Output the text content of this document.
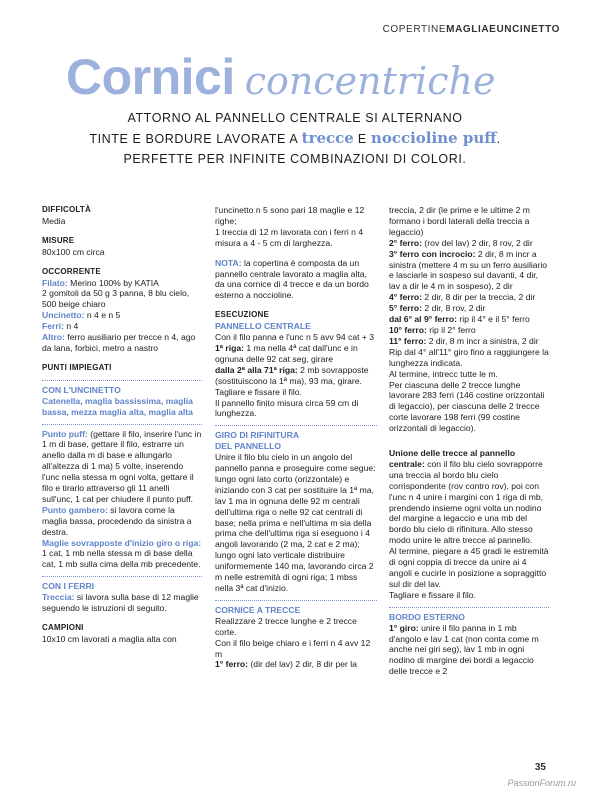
COPERTINEMAGLIAEUNCINETTO
Cornici concentriche
ATTORNO AL PANNELLO CENTRALE SI ALTERNANO
TINTE E BORDURE LAVORATE A trecce E noccioline puff.
PERFETTE PER INFINITE COMBINAZIONI DI COLORI.

DIFFICOLTÀ

Media

MISURE

80x100 cm circa

OCCORRENTE

Filato: Merino 100% by KATIA

2 gomitoli da 50 g 3 panna, 8 blu cielo, 500 beige chiaro

Uncinetto: n 4 e n 5

Ferri: n 4

Altro: ferro ausiliario per trecce n 4, ago da lana, forbici, metro a nastro

PUNTI IMPIEGATI

CON L'UNCINETTO

Catenella, maglia bassissima, maglia bassa, mezza maglia alta, maglia alta

Punto puff: (gettare il filo, inserire l'unc in 1 m di base, gettare il filo, estrarre un anello dalla m di base e allungarlo all'altezza di 1 ma) 5 volte, inserendo l'unc nella stessa m ogni volta, gettare il filo e tirarlo attraverso gli 11 anelli sull'unc, 1 cat per chiudere il punto puff.

Punto gambero: si lavora come la maglia bassa, procedendo da sinistra a destra.

Maglie sovrapposte d'inizio giro o riga: 1 cat, 1 mb nella stessa m di base della cat, 1 mb sulla cima della mb precedente.

CON I FERRI

Treccia: si lavora sulla base di 12 maglie seguendo le istruzioni di seguito.

CAMPIONI

10x10 cm lavorati a maglia alta con

l'uncinetto n 5 sono pari 18 maglie e 12 righe;

1 treccia di 12 m lavorata con i ferri n 4 misura a 4 - 5 cm di larghezza.

NOTA: la copertina è composta da un pannello centrale lavorato a maglia alta, da una cornice di 4 trecce e da un bordo esterno a noccioline.

ESECUZIONE

PANNELLO CENTRALE

Con il filo panna e l'unc n 5 avv 94 cat + 3

1ª riga: 1 ma nella 4ª cat dall'unc e in ognuna delle 92 cat seg, girare

dalla 2ª alla 71ª riga: 2 mb sovrapposte (sostituiscono la 1ª ma), 93 ma, girare.

Tagliare e fissare il filo.

Il pannello finito misura circa 59 cm di lunghezza.

GIRO DI RIFINITURA

DEL PANNELLO

Unire il filo blu cielo in un angolo del pannello panna e proseguire come segue: lungo ogni lato corto (orizzontale) e iniziando con 3 cat per sostituire la 1ª ma, lav 1 ma in ognuna delle 92 m centrali dell'ultima riga o nelle 92 cat centrali di base; nella prima e nell'ultima m sia della prima che dell'ultima riga si eseguono i 4 angoli lavorando (2 ma, 2 cat e 2 ma); lungo ogni lato verticale distribuire uniformemente 140 ma, lavorando circa 2 m nelle estremità di ogni riga; 1 mbss nella 3ª cat d'inizio.

CORNICE A TRECCE

Realizzare 2 trecce lunghe e 2 trecce corte.

Con il filo beige chiaro e i ferri n 4 avv 12 m

1° ferro: (dir del lav) 2 dir, 8 dir per la

treccia, 2 dir (le prime e le ultime 2 m formano i bordi laterali della treccia a legaccio)

2° ferro: (rov del lav) 2 dir, 8 rov, 2 dir

3° ferro con incrocio: 2 dir, 8 m incr a sinistra (mettere 4 m su un ferro ausiliario e lasciarle in sospeso sul davanti, 4 dir, lav a dir le 4 m in sospeso), 2 dir

4° ferro: 2 dir, 8 dir per la treccia, 2 dir

5° ferro: 2 dir, 8 rov, 2 dir

dal 6° al 9° ferro: rip il 4° e il 5° ferro

10° ferro: rip il 2° ferro

11° ferro: 2 dir, 8 m incr a sinistra, 2 dir

Rip dal 4° all'11° giro fino a raggiungere la lunghezza indicata.

Al termine, intrecc tutte le m.

Per ciascuna delle 2 trecce lunghe lavorare 283 ferri (146 costine orizzontali di legaccio), per ciascuna delle 2 trecce corte lavorare 198 ferri (99 costine orizzontali di legaccio).

Unione delle trecce al pannello centrale: con il filo blu cielo sovrapporre una treccia al bordo blu cielo corrispondente (rov contro rov), poi con l'unc n 4 unire i margini con 1 riga di mb, prendendo insieme ogni volta un nodino del margine a legaccio e una mb del bordo blu cielo di rifinitura. Allo stesso modo unire le altre trecce al pannello.

Al termine, piegare a 45 gradi le estremità di ogni coppia di trecce da unire ai 4 angoli e cucirle in posizione a sopraggitto sul dir del lav.

Tagliare e fissare il filo.

BORDO ESTERNO

1° giro: unire il filo panna in 1 mb d'angolo e lav 1 cat (non conta come m anche nei giri seg), lav 1 mb in ogni nodino di margine dei bordi a legaccio delle trecce e 2

35
PassionForum.ru
